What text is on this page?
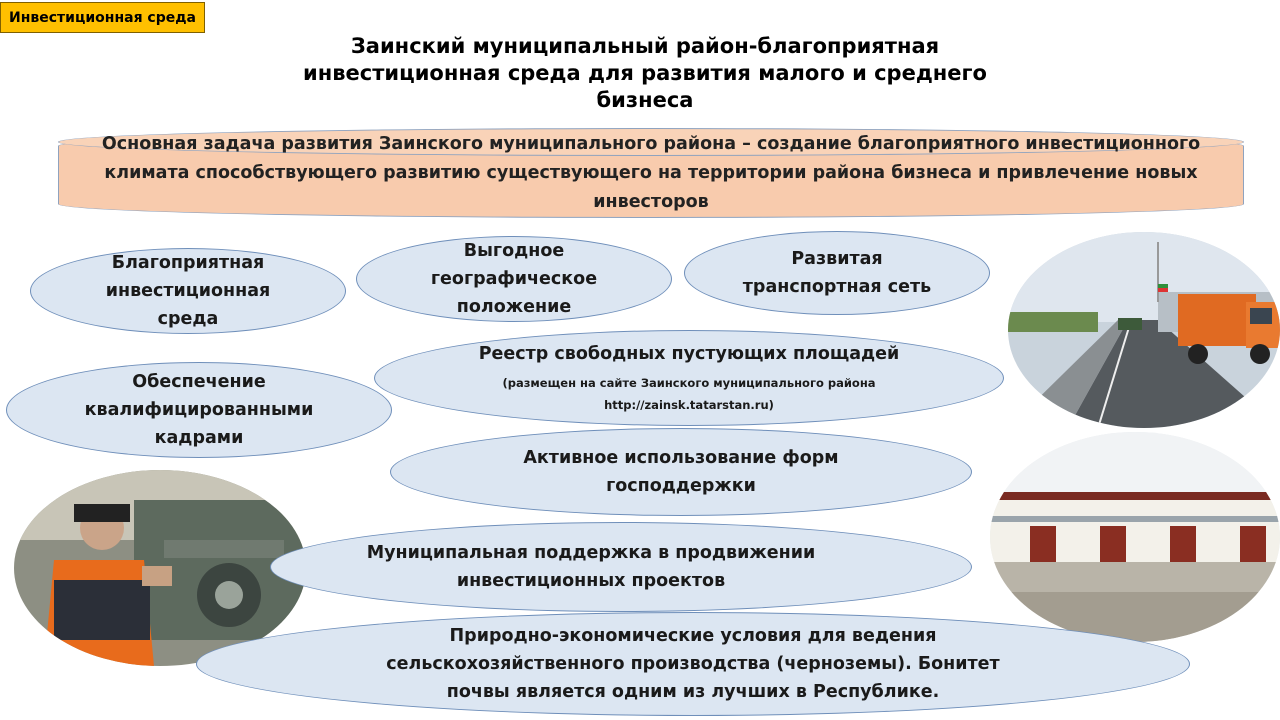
Инвестиционная среда
Заинский муниципальный район-благоприятная
инвестиционная среда для развития малого и среднего
бизнеса
Основная задача развития Заинского муниципального района – создание благоприятного инвестиционного
климата способствующего развитию существующего на территории района бизнеса и привлечение новых
инвесторов
Благоприятная
инвестиционная
среда
Выгодное
географическое
положение
Развитая
транспортная сеть
Реестр свободных пустующих площадей
(размещен на сайте Заинского муниципального района
http://zainsk.tatarstan.ru)
Обеспечение
квалифицированными
кадрами
Активное использование форм
господдержки
Муниципальная поддержка в продвижении
инвестиционных проектов
Природно-экономические условия для ведения
сельскохозяйственного производства (черноземы). Бонитет
почвы является одним из лучших в Республике.
